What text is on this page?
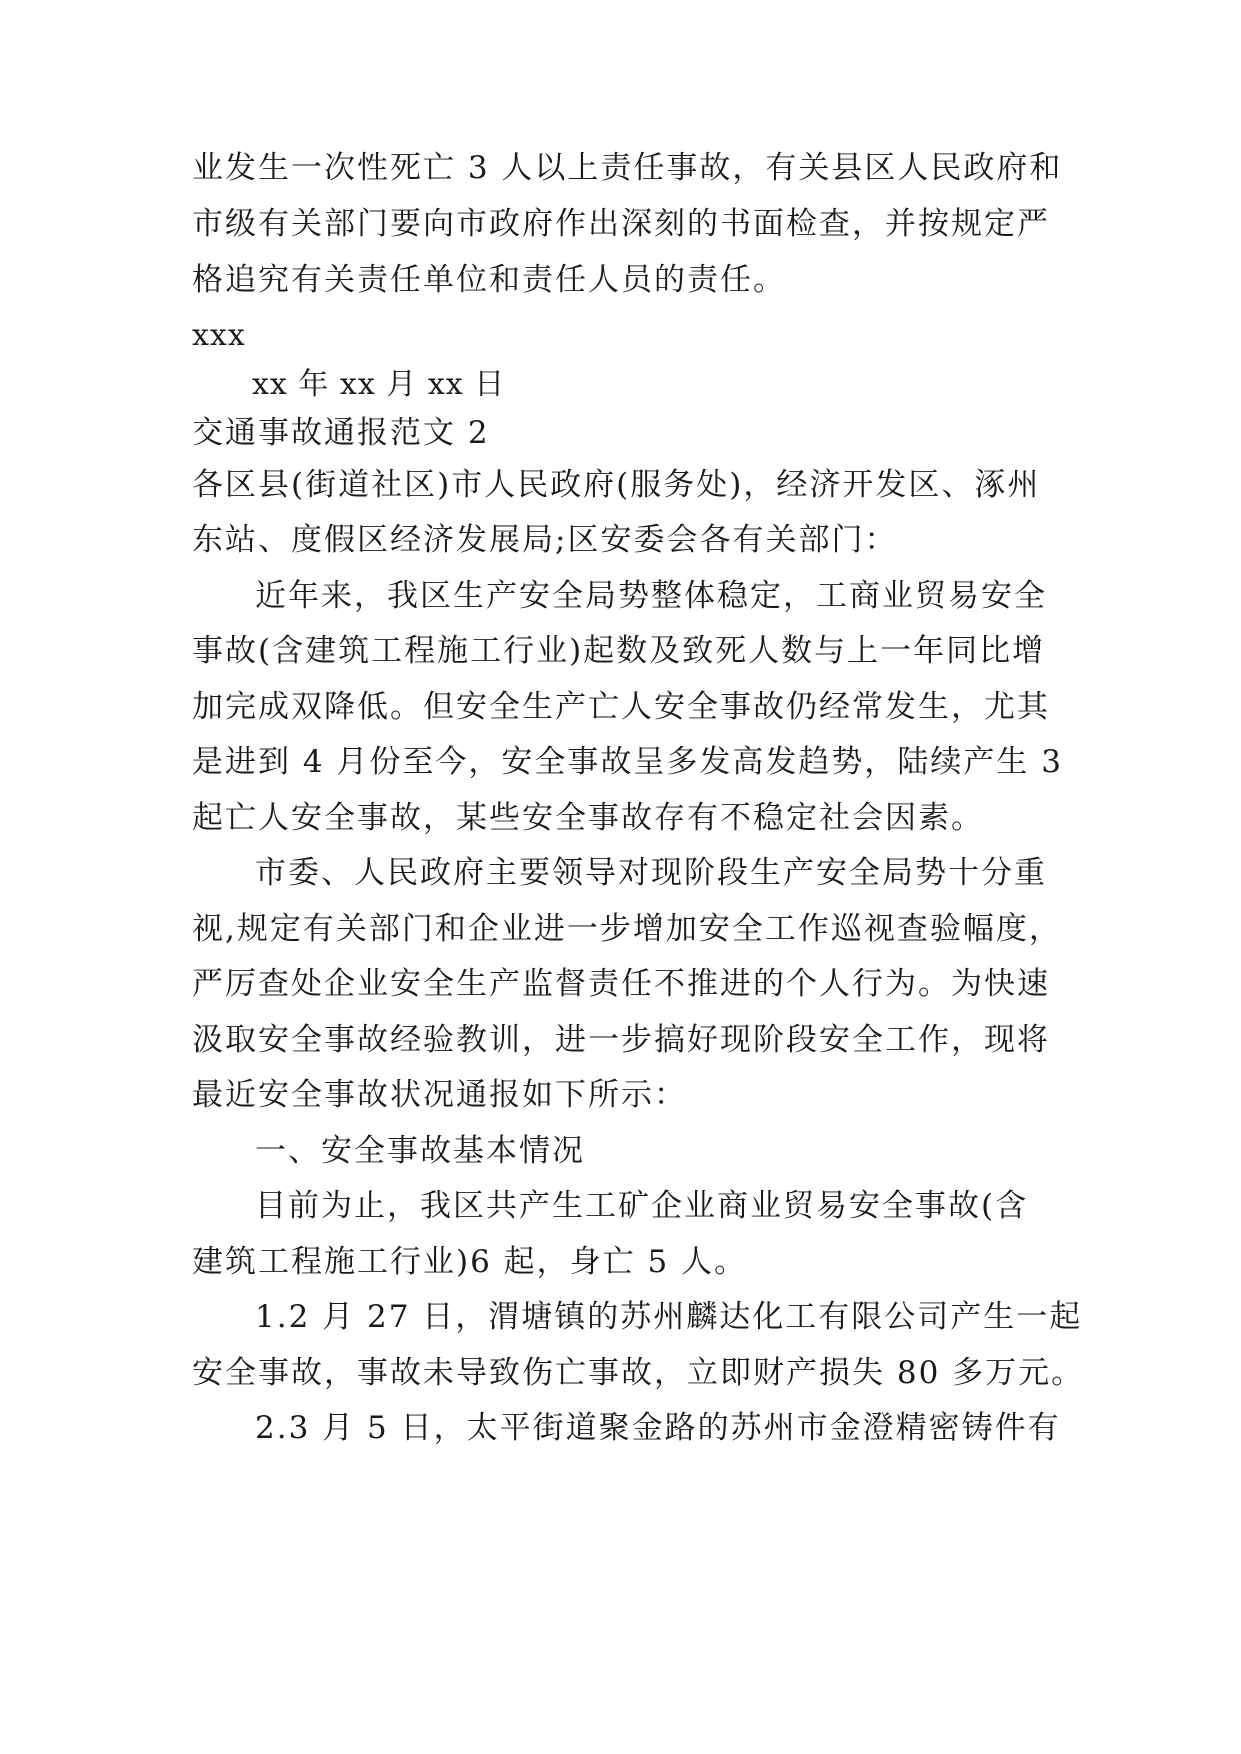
业发生一次性死亡 3 人以上责任事故，有关县区人民政府和
市级有关部门要向市政府作出深刻的书面检查，并按规定严
格追究有关责任单位和责任人员的责任。
xxx
xx 年 xx 月 xx 日
交通事故通报范文 2
各区县(街道社区)市人民政府(服务处)，经济开发区、涿州
东站、度假区经济发展局;区安委会各有关部门：
近年来，我区生产安全局势整体稳定，工商业贸易安全
事故(含建筑工程施工行业)起数及致死人数与上一年同比增
加完成双降低。但安全生产亡人安全事故仍经常发生，尤其
是进到 4 月份至今，安全事故呈多发高发趋势，陆续产生 3
起亡人安全事故，某些安全事故存有不稳定社会因素。
市委、人民政府主要领导对现阶段生产安全局势十分重
视,规定有关部门和企业进一步增加安全工作巡视查验幅度，
严厉查处企业安全生产监督责任不推进的个人行为。为快速
汲取安全事故经验教训，进一步搞好现阶段安全工作，现将
最近安全事故状况通报如下所示：
一、安全事故基本情况
目前为止，我区共产生工矿企业商业贸易安全事故(含
建筑工程施工行业)6 起，身亡 5 人。
1.2 月 27 日，渭塘镇的苏州麟达化工有限公司产生一起
安全事故，事故未导致伤亡事故，立即财产损失 80 多万元。
2.3 月 5 日，太平街道聚金路的苏州市金澄精密铸件有
